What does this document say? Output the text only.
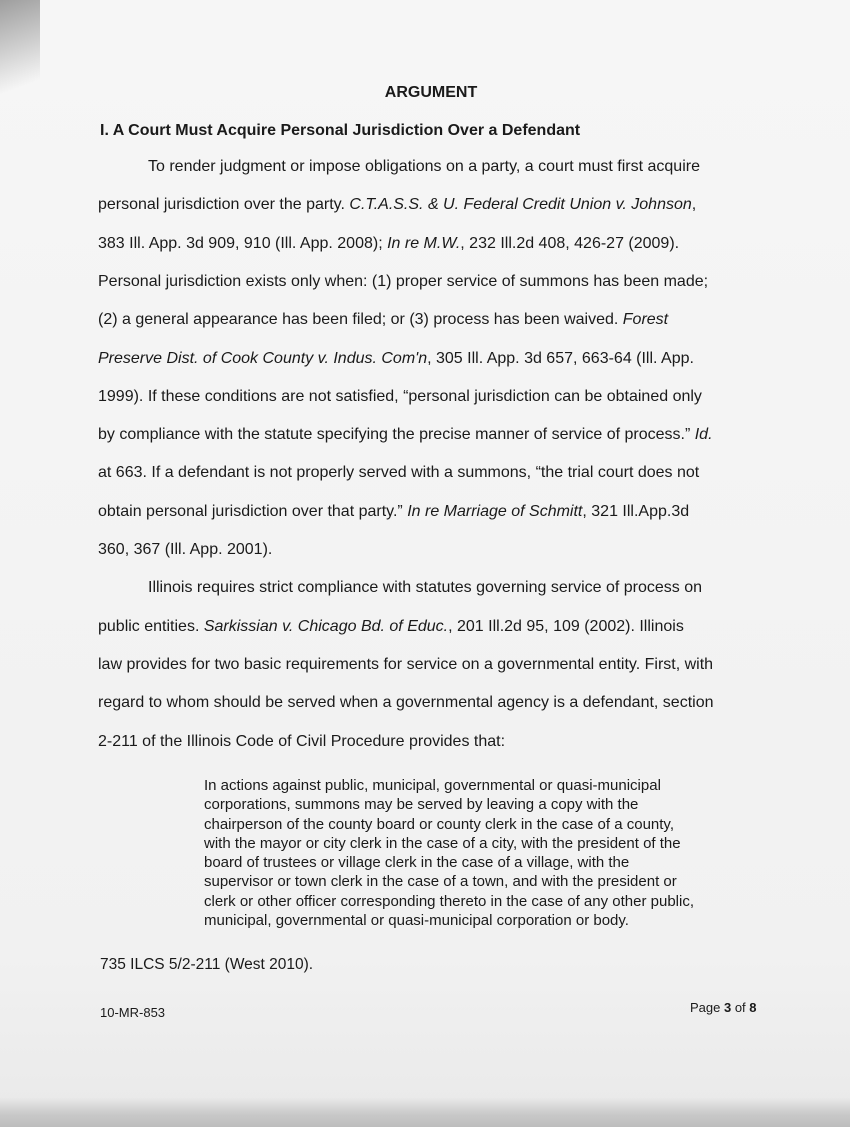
ARGUMENT
I. A Court Must Acquire Personal Jurisdiction Over a Defendant
To render judgment or impose obligations on a party, a court must first acquire
personal jurisdiction over the party. C.T.A.S.S. & U. Federal Credit Union v. Johnson,
383 Ill. App. 3d 909, 910 (Ill. App. 2008); In re M.W., 232 Ill.2d 408, 426-27 (2009).
Personal jurisdiction exists only when: (1) proper service of summons has been made;
(2) a general appearance has been filed; or (3) process has been waived. Forest
Preserve Dist. of Cook County v. Indus. Com'n, 305 Ill. App. 3d 657, 663-64 (Ill. App.
1999). If these conditions are not satisfied, “personal jurisdiction can be obtained only
by compliance with the statute specifying the precise manner of service of process.” Id.
at 663. If a defendant is not properly served with a summons, “the trial court does not
obtain personal jurisdiction over that party.” In re Marriage of Schmitt, 321 Ill.App.3d
360, 367 (Ill. App. 2001).
Illinois requires strict compliance with statutes governing service of process on
public entities. Sarkissian v. Chicago Bd. of Educ., 201 Ill.2d 95, 109 (2002). Illinois
law provides for two basic requirements for service on a governmental entity. First, with
regard to whom should be served when a governmental agency is a defendant, section
2-211 of the Illinois Code of Civil Procedure provides that:
In actions against public, municipal, governmental or quasi-municipal
corporations, summons may be served by leaving a copy with the
chairperson of the county board or county clerk in the case of a county,
with the mayor or city clerk in the case of a city, with the president of the
board of trustees or village clerk in the case of a village, with the
supervisor or town clerk in the case of a town, and with the president or
clerk or other officer corresponding thereto in the case of any other public,
municipal, governmental or quasi-municipal corporation or body.
735 ILCS 5/2-211 (West 2010).
10-MR-853	Page 3 of 8
